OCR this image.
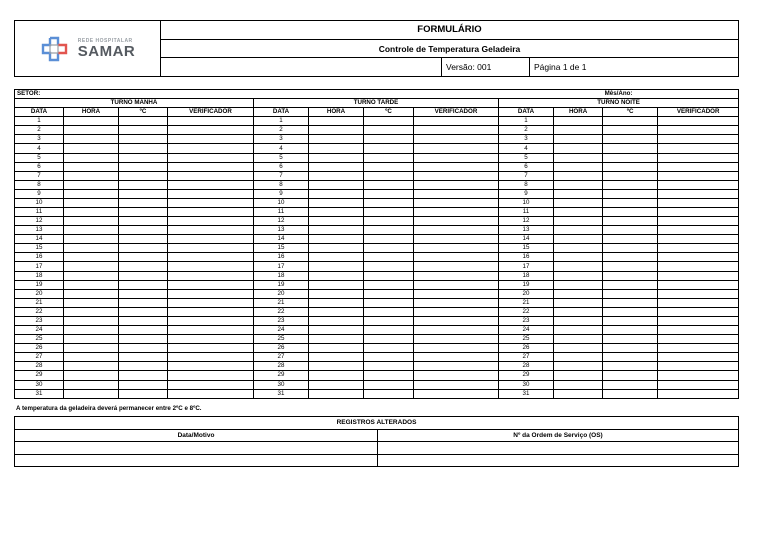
REDE HOSPITALAR
SAMAR	FORMULÁRIO		
	Controle de Temperatura Geladeira		
		Versão: 001	Página 1 de 1
SETOR:										Mês/Ano:	
TURNO MANHÃ				TURNO TARDE				TURNO NOITE			
DATA	HORA	ºC	VERIFICADOR	DATA	HORA	ºC	VERIFICADOR	DATA	HORA	ºC	VERIFICADOR
1				1				1			
2				2				2			
3				3				3			
4				4				4			
5				5				5			
6				6				6			
7				7				7			
8				8				8			
9				9				9			
10				10				10			
11				11				11			
12				12				12			
13				13				13			
14				14				14			
15				15				15			
16				16				16			
17				17				17			
18				18				18			
19				19				19			
20				20				20			
21				21				21			
22				22				22			
23				23				23			
24				24				24			
25				25				25			
26				26				26			
27				27				27			
28				28				28			
29				29				29			
30				30				30			
31				31				31			
A temperatura da geladeira deverá permanecer entre 2ºC e 8ºC.
REGISTROS ALTERADOS	
Data/Motivo	Nº da Ordem de Serviço (OS)
